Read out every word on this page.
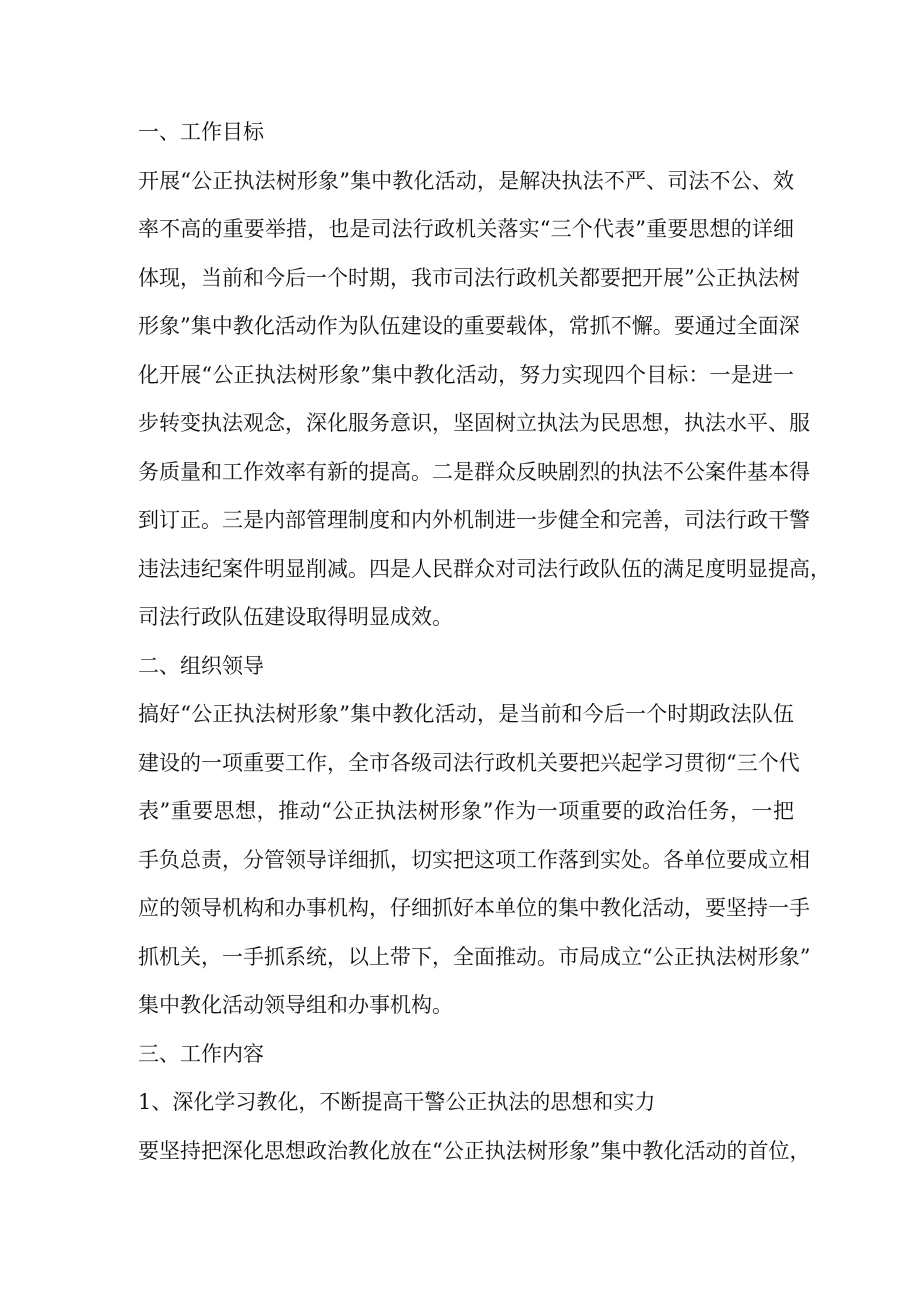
一、工作目标

开展“公正执法树形象”集中教化活动，是解决执法不严、司法不公、效
率不高的重要举措，也是司法行政机关落实“三个代表”重要思想的详细
体现，当前和今后一个时期，我市司法行政机关都要把开展”公正执法树
形象”集中教化活动作为队伍建设的重要载体，常抓不懈。要通过全面深
化开展“公正执法树形象”集中教化活动，努力实现四个目标：一是进一
步转变执法观念，深化服务意识，坚固树立执法为民思想，执法水平、服
务质量和工作效率有新的提高。二是群众反映剧烈的执法不公案件基本得
到订正。三是内部管理制度和内外机制进一步健全和完善，司法行政干警
违法违纪案件明显削减。四是人民群众对司法行政队伍的满足度明显提高，
司法行政队伍建设取得明显成效。

二、组织领导

搞好“公正执法树形象”集中教化活动，是当前和今后一个时期政法队伍
建设的一项重要工作，全市各级司法行政机关要把兴起学习贯彻“三个代
表”重要思想，推动“公正执法树形象”作为一项重要的政治任务，一把
手负总责，分管领导详细抓，切实把这项工作落到实处。各单位要成立相
应的领导机构和办事机构，仔细抓好本单位的集中教化活动，要坚持一手
抓机关，一手抓系统，以上带下，全面推动。市局成立“公正执法树形象”
集中教化活动领导组和办事机构。

三、工作内容

1、深化学习教化，不断提高干警公正执法的思想和实力

要坚持把深化思想政治教化放在“公正执法树形象”集中教化活动的首位，
